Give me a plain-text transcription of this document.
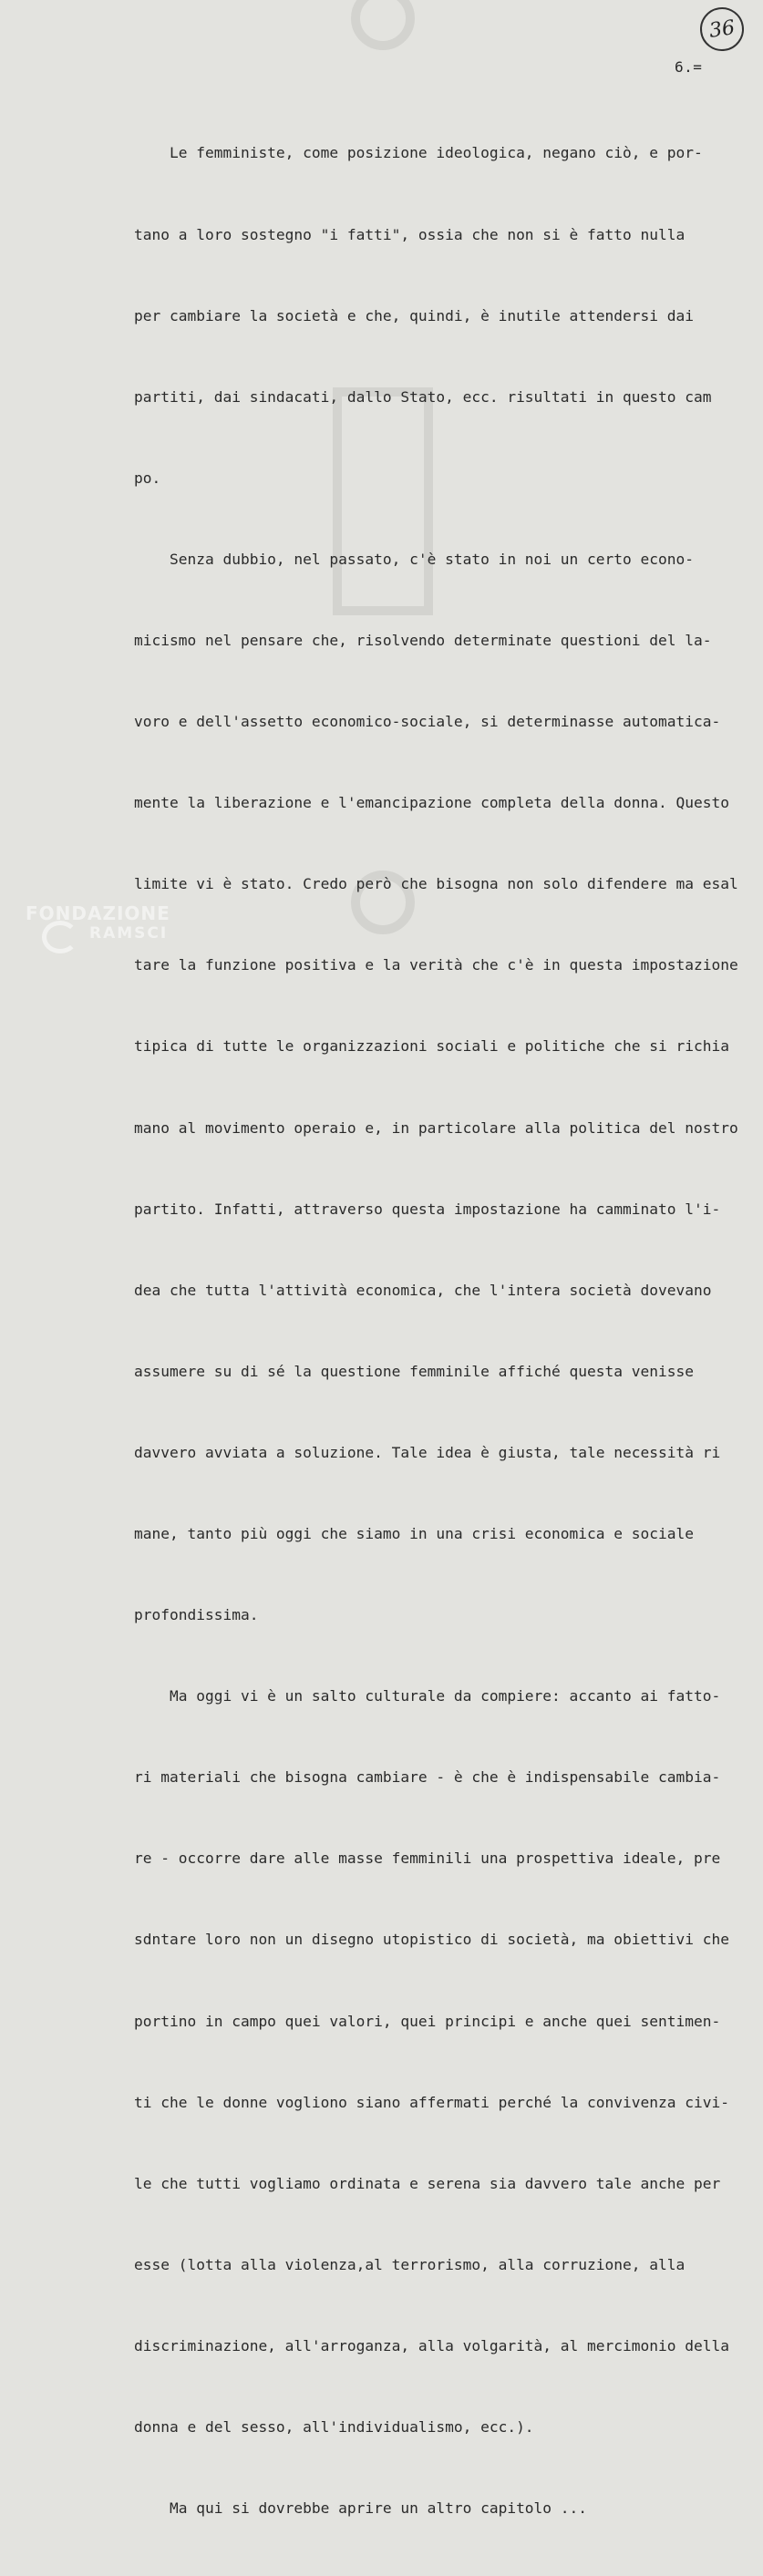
36
6.=

Le femministe, come posizione ideologica, negano ciò, e por-

tano a loro sostegno "i fatti", ossia che non si è fatto nulla

per cambiare la società e che, quindi, è inutile attendersi dai

partiti, dai sindacati, dallo Stato, ecc. risultati in questo cam

po.

Senza dubbio, nel passato, c'è stato in noi un certo econo-

micismo nel pensare che, risolvendo determinate questioni del la-

voro e dell'assetto economico-sociale, si determinasse automaticа-

mente la liberazione e l'emancipazione completa della donna. Questo

limite vi è stato. Credo però che bisogna non solo difendere ma esal

tare la funzione positiva e la verità che c'è in questa impostazione

tipica di tutte le organizzazioni sociali e politiche che si richia

mano al movimento operaio e, in particolare alla politica del nostro

partito. Infatti, attraverso questa impostazione ha camminato l'i-

dea che tutta l'attività economica, che l'intera società dovevano

assumere su di sé la questione femminile affiché questa venisse

davvero avviata a soluzione. Tale idea è giusta, tale necessità ri

mane, tanto più oggi che siamo in una crisi economica e sociale

profondissima.

Ma oggi vi è un salto culturale da compiere: accanto ai fatto-

ri materiali che bisogna cambiare - è che è indispensabile cambia-

re - occorre dare alle masse femminili una prospettiva ideale, pre

sdntare loro non un disegno utopistico di società, ma obiettivi che

portino in campo quei valori, quei principi e anche quei sentimen-

ti che le donne vogliono siano affermati perché la convivenza civi-

le che tutti vogliamo ordinata e serena sia davvero tale anche per

esse (lotta alla violenza,al terrorismo, alla corruzione, alla

discriminazione, all'arroganza, alla volgarità, al mercimonio della

donna e del sesso, all'individualismo, ecc.).

Ma qui si dovrebbe aprire un altro capitolo ...

FONDAZIONE
RAMSCI
